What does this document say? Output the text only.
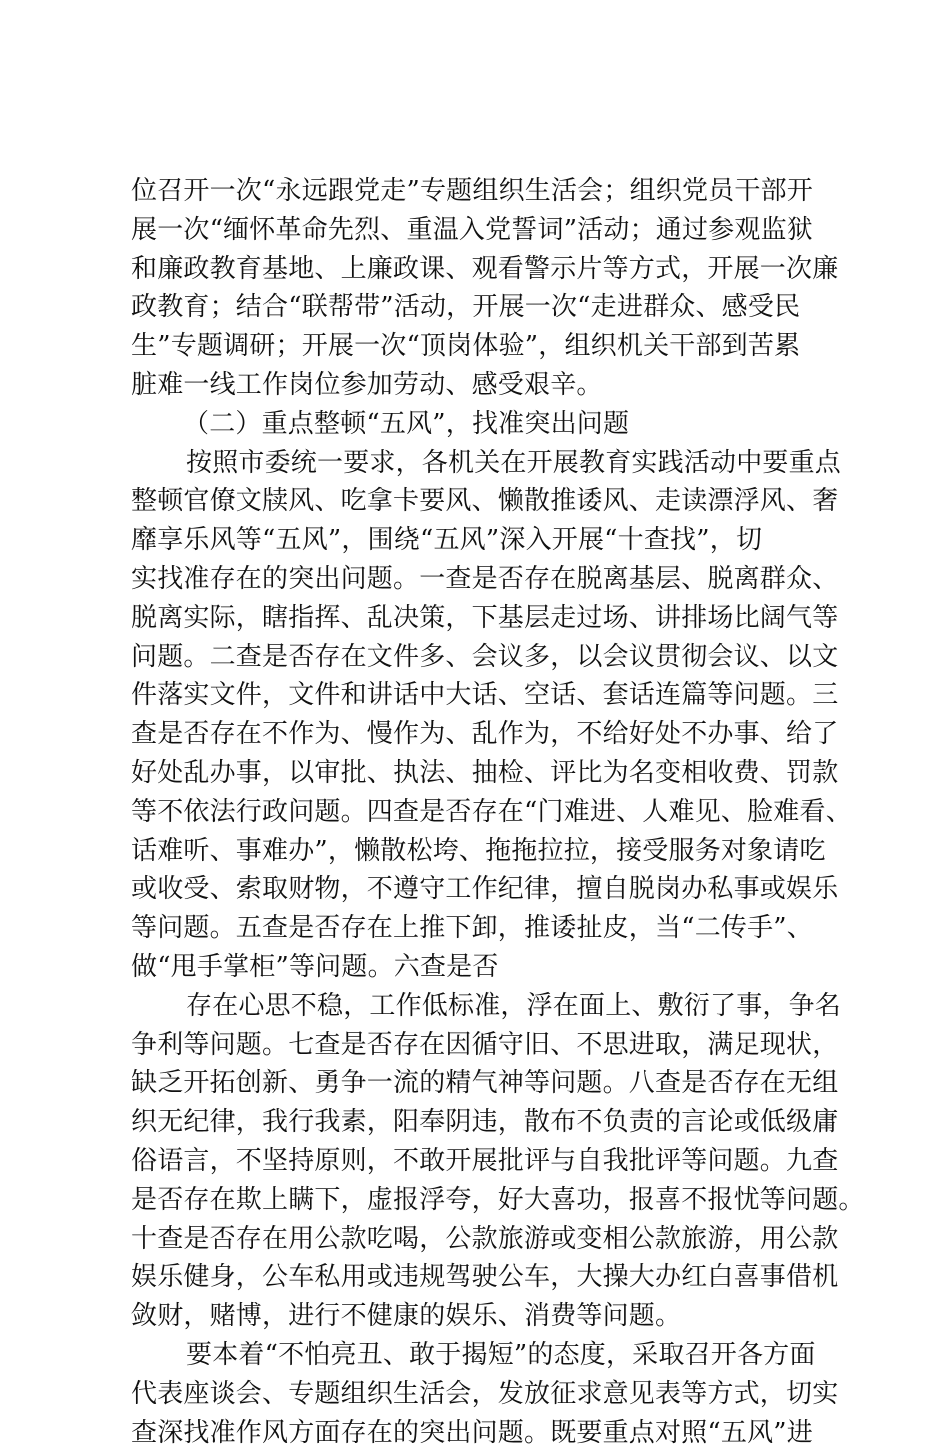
位召开一次“永远跟党走”专题组织生活会；组织党员干部开
展一次“缅怀革命先烈、重温入党誓词”活动；通过参观监狱
和廉政教育基地、上廉政课、观看警示片等方式，开展一次廉
政教育；结合“联帮带”活动，开展一次“走进群众、感受民
生”专题调研；开展一次“顶岗体验”，组织机关干部到苦累
脏难一线工作岗位参加劳动、感受艰辛。
（二）重点整顿“五风”，找准突出问题
按照市委统一要求，各机关在开展教育实践活动中要重点
整顿官僚文牍风、吃拿卡要风、懒散推诿风、走读漂浮风、奢
靡享乐风等“五风”，围绕“五风”深入开展“十查找”，切
实找准存在的突出问题。一查是否存在脱离基层、脱离群众、
脱离实际，瞎指挥、乱决策，下基层走过场、讲排场比阔气等
问题。二查是否存在文件多、会议多，以会议贯彻会议、以文
件落实文件，文件和讲话中大话、空话、套话连篇等问题。三
查是否存在不作为、慢作为、乱作为，不给好处不办事、给了
好处乱办事，以审批、执法、抽检、评比为名变相收费、罚款
等不依法行政问题。四查是否存在“门难进、人难见、脸难看、
话难听、事难办”，懒散松垮、拖拖拉拉，接受服务对象请吃
或收受、索取财物，不遵守工作纪律，擅自脱岗办私事或娱乐
等问题。五查是否存在上推下卸，推诿扯皮，当“二传手”、
做“甩手掌柜”等问题。六查是否
存在心思不稳，工作低标准，浮在面上、敷衍了事，争名
争利等问题。七查是否存在因循守旧、不思进取，满足现状，
缺乏开拓创新、勇争一流的精气神等问题。八查是否存在无组
织无纪律，我行我素，阳奉阴违，散布不负责的言论或低级庸
俗语言，不坚持原则，不敢开展批评与自我批评等问题。九查
是否存在欺上瞒下，虚报浮夸，好大喜功，报喜不报忧等问题。
十查是否存在用公款吃喝，公款旅游或变相公款旅游，用公款
娱乐健身，公车私用或违规驾驶公车，大操大办红白喜事借机
敛财，赌博，进行不健康的娱乐、消费等问题。
要本着“不怕亮丑、敢于揭短”的态度，采取召开各方面
代表座谈会、专题组织生活会，发放征求意见表等方式，切实
查深找准作风方面存在的突出问题。既要重点对照“五风”进
